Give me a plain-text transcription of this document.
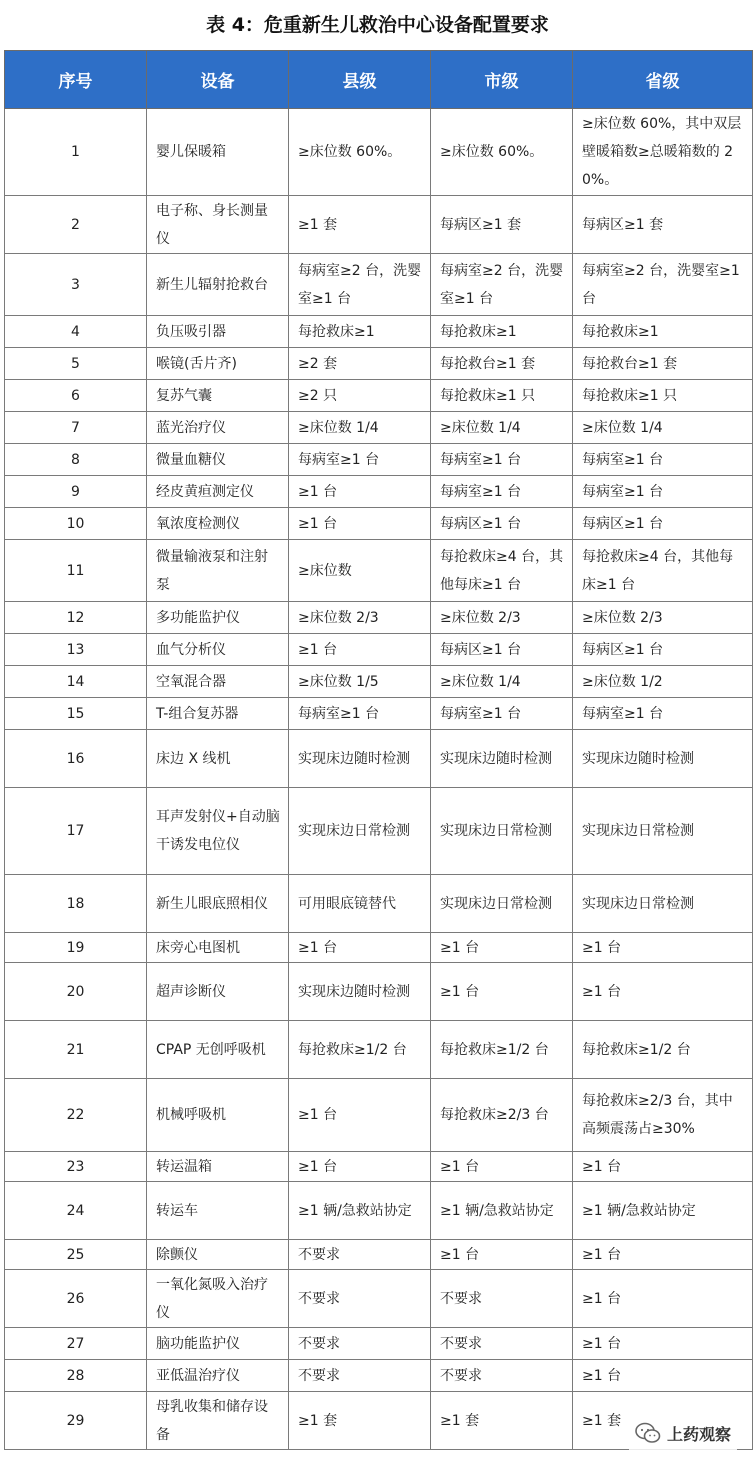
表 4：危重新生儿救治中心设备配置要求
序号	设备	县级	市级	省级
1	婴儿保暖箱	≥床位数 60%。	≥床位数 60%。	≥床位数 60%，其中双层壁暖箱数≥总暖箱数的 20%。
2	电子称、身长测量仪	≥1 套	每病区≥1 套	每病区≥1 套
3	新生儿辐射抢救台	每病室≥2 台，洗婴室≥1 台	每病室≥2 台，洗婴室≥1 台	每病室≥2 台，洗婴室≥1 台
4	负压吸引器	每抢救床≥1	每抢救床≥1	每抢救床≥1
5	喉镜(舌片齐)	≥2 套	每抢救台≥1 套	每抢救台≥1 套
6	复苏气囊	≥2 只	每抢救床≥1 只	每抢救床≥1 只
7	蓝光治疗仪	≥床位数 1/4	≥床位数 1/4	≥床位数 1/4
8	微量血糖仪	每病室≥1 台	每病室≥1 台	每病室≥1 台
9	经皮黄疸测定仪	≥1 台	每病室≥1 台	每病室≥1 台
10	氧浓度检测仪	≥1 台	每病区≥1 台	每病区≥1 台
11	微量输液泵和注射泵	≥床位数	每抢救床≥4 台，其他每床≥1 台	每抢救床≥4 台，其他每床≥1 台
12	多功能监护仪	≥床位数 2/3	≥床位数 2/3	≥床位数 2/3
13	血气分析仪	≥1 台	每病区≥1 台	每病区≥1 台
14	空氧混合器	≥床位数 1/5	≥床位数 1/4	≥床位数 1/2
15	T-组合复苏器	每病室≥1 台	每病室≥1 台	每病室≥1 台
16	床边 X 线机	实现床边随时检测	实现床边随时检测	实现床边随时检测
17	耳声发射仪+自动脑干诱发电位仪	实现床边日常检测	实现床边日常检测	实现床边日常检测
18	新生儿眼底照相仪	可用眼底镜替代	实现床边日常检测	实现床边日常检测
19	床旁心电图机	≥1 台	≥1 台	≥1 台
20	超声诊断仪	实现床边随时检测	≥1 台	≥1 台
21	CPAP 无创呼吸机	每抢救床≥1/2 台	每抢救床≥1/2 台	每抢救床≥1/2 台
22	机械呼吸机	≥1 台	每抢救床≥2/3 台	每抢救床≥2/3 台，其中高频震荡占≥30%
23	转运温箱	≥1 台	≥1 台	≥1 台
24	转运车	≥1 辆/急救站协定	≥1 辆/急救站协定	≥1 辆/急救站协定
25	除颤仪	不要求	≥1 台	≥1 台
26	一氧化氮吸入治疗仪	不要求	不要求	≥1 台
27	脑功能监护仪	不要求	不要求	≥1 台
28	亚低温治疗仪	不要求	不要求	≥1 台
29	母乳收集和储存设备	≥1 套	≥1 套	≥1 套
上药观察
